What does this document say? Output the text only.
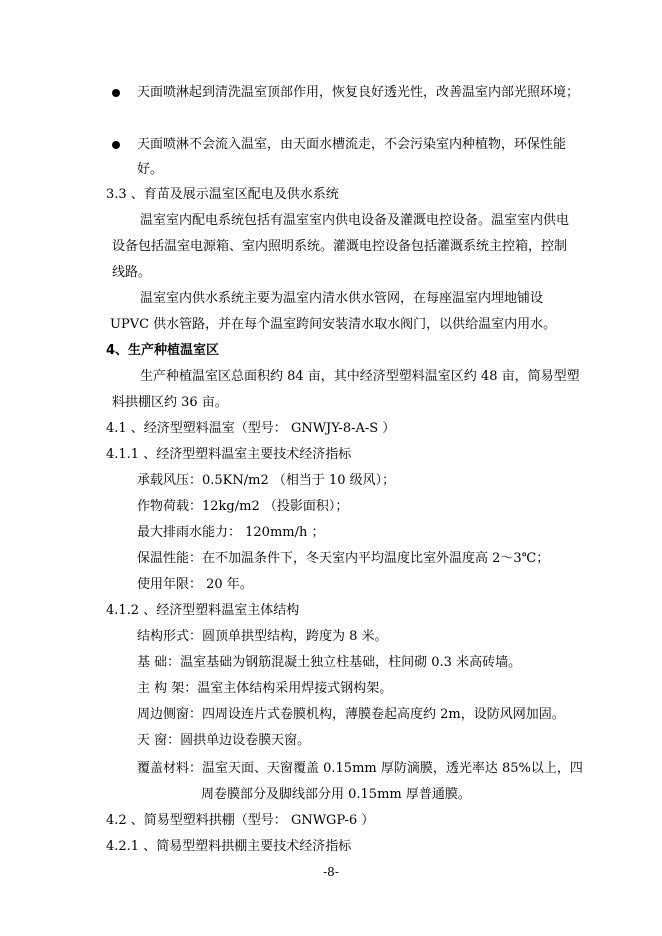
天面喷淋起到清洗温室顶部作用，恢复良好透光性，改善温室内部光照环境；
天面喷淋不会流入温室，由天面水槽流走，不会污染室内种植物，环保性能
好。
3.3 、育苗及展示温室区配电及供水系统
温室室内配电系统包括有温室室内供电设备及灌溉电控设备。温室室内供电
设备包括温室电源箱、室内照明系统。灌溉电控设备包括灌溉系统主控箱，控制
线路。
温室室内供水系统主要为温室内清水供水管网，在每座温室内埋地铺设
UPVC 供水管路，并在每个温室跨间安装清水取水阀门，以供给温室内用水。
4、生产种植温室区
生产种植温室区总面积约 84 亩，其中经济型塑料温室区约 48 亩，简易型塑
料拱棚区约 36 亩。
4.1 、经济型塑料温室（型号： GNWJY-8-A-S ）
4.1.1 、经济型塑料温室主要技术经济指标
承载风压：0.5KN/m2 （相当于 10 级风）；
作物荷载：12kg/m2 （投影面积）；
最大排雨水能力： 120mm/h ；
保温性能：在不加温条件下，冬天室内平均温度比室外温度高 2～3℃；
使用年限： 20 年。
4.1.2 、经济型塑料温室主体结构
结构形式：圆顶单拱型结构，跨度为 8 米。
基 础：温室基础为钢筋混凝土独立柱基础，柱间砌 0.3 米高砖墙。
主 构 架：温室主体结构采用焊接式钢构架。
周边侧窗：四周设连片式卷膜机构，薄膜卷起高度约 2m，设防风网加固。
天 窗：圆拱单边设卷膜天窗。
覆盖材料：温室天面、天窗覆盖 0.15mm 厚防滴膜，透光率达 85%以上，四
周卷膜部分及脚线部分用 0.15mm 厚普通膜。
4.2 、简易型塑料拱棚（型号： GNWGP-6 ）
4.2.1 、简易型塑料拱棚主要技术经济指标
-8-
